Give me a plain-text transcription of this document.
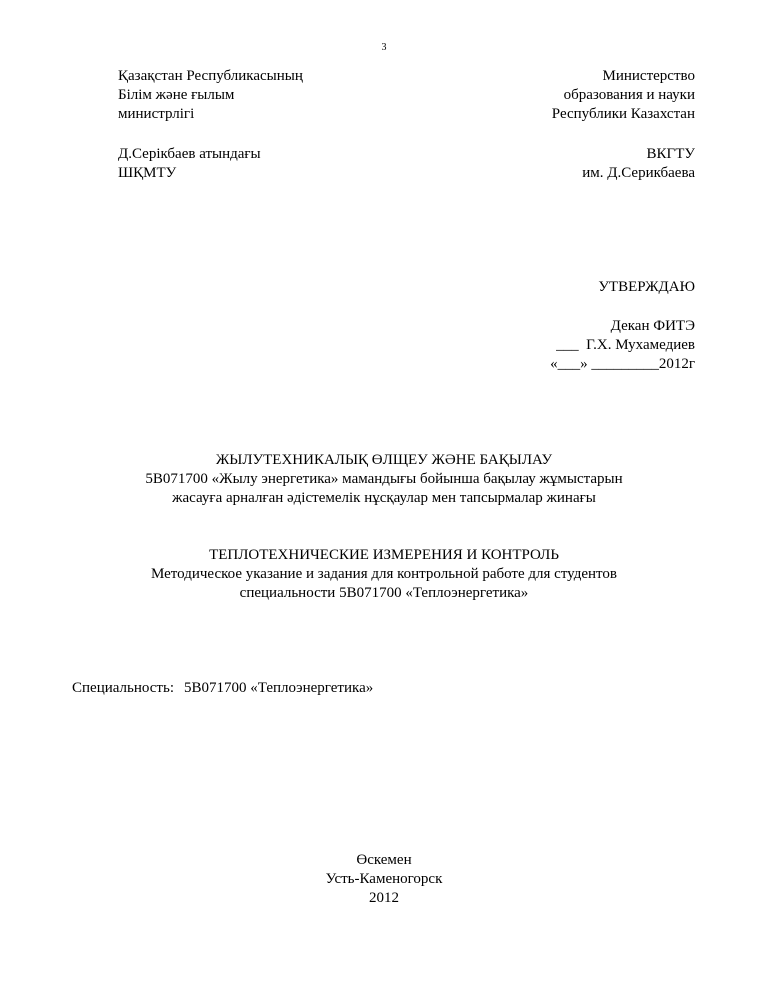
3
Қазақстан Республикасының
Білім және ғылым
министрлігі
Министерство
образования и науки
Республики Казахстан
Д.Серікбаев атындағы
ШҚМТУ
ВКГТУ
им. Д.Серикбаева
УТВЕРЖДАЮ
Декан ФИТЭ
___  Г.Х. Мухамедиев
«___» _________2012г
ЖЫЛУТЕХНИКАЛЫҚ ӨЛЩЕУ ЖӘНЕ БАҚЫЛАУ
5В071700 «Жылу энергетика» мамандығы бойынша бақылау жұмыстарын
жасауға арналған әдістемелік нұсқаулар мен тапсырмалар жинағы
ТЕПЛОТЕХНИЧЕСКИЕ ИЗМЕРЕНИЯ И КОНТРОЛЬ
Методическое указание и задания для контрольной работе для студентов
специальности 5В071700 «Теплоэнергетика»
Специальность: 5В071700 «Теплоэнергетика»
Өскемен
Усть-Каменогорск
2012
